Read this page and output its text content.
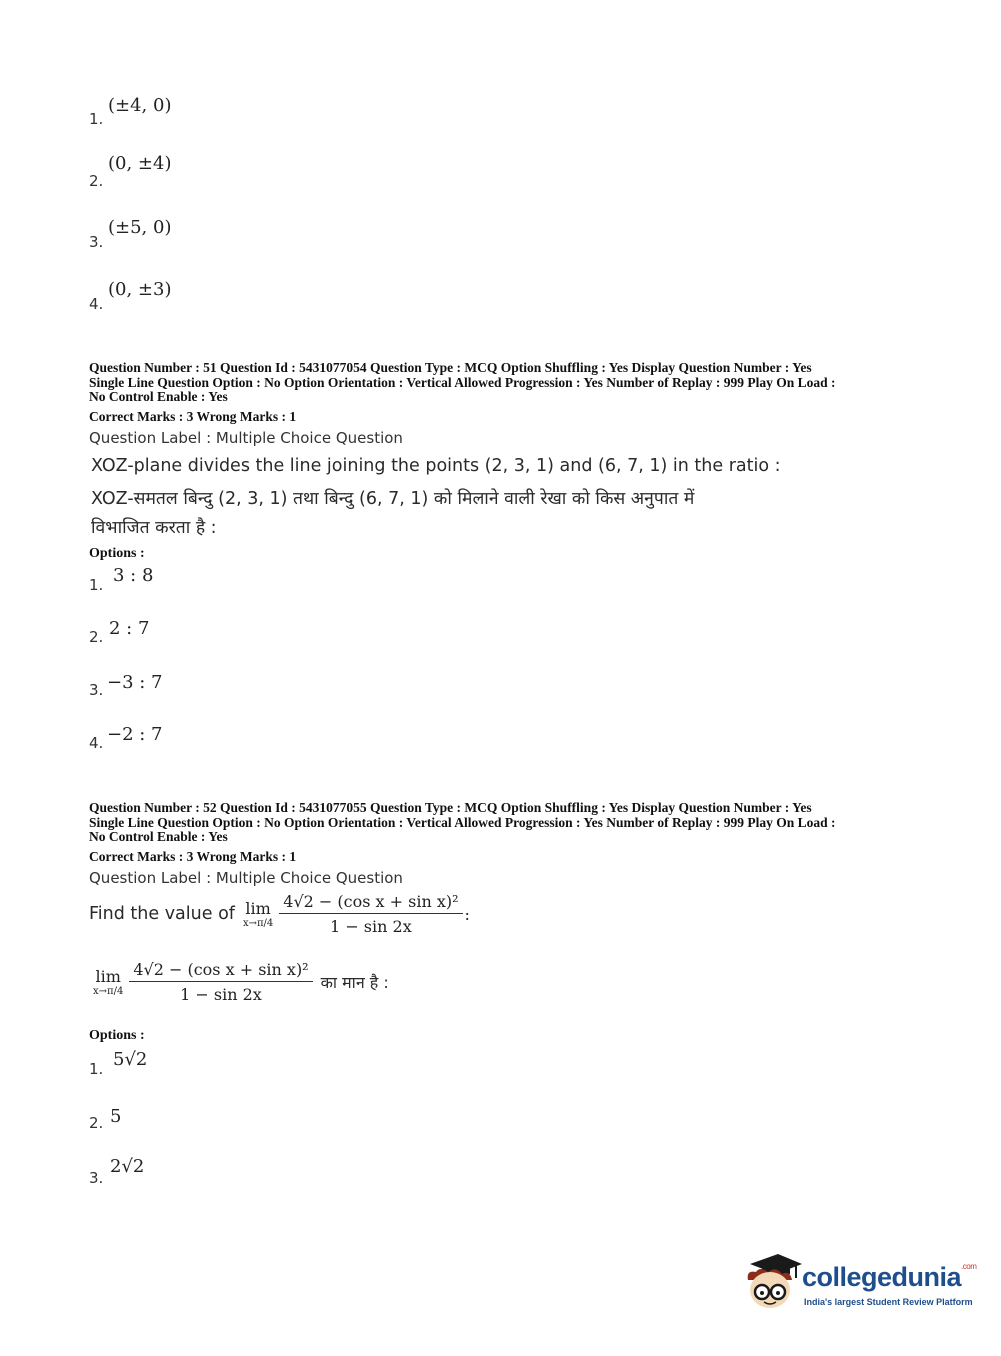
1.
(±4, 0)
2.
(0, ±4)
3.
(±5, 0)
4.
(0, ±3)
Question Number : 51 Question Id : 5431077054 Question Type : MCQ Option Shuffling : Yes Display Question Number : Yes
Single Line Question Option : No Option Orientation : Vertical Allowed Progression : Yes Number of Replay : 999 Play On Load :
No Control Enable : Yes
Correct Marks : 3 Wrong Marks : 1
Question Label : Multiple Choice Question
XOZ-plane divides the line joining the points (2, 3, 1) and (6, 7, 1) in the ratio :
XOZ-समतल बिन्दु (2, 3, 1) तथा बिन्दु (6, 7, 1) को मिलाने वाली रेखा को किस अनुपात में
विभाजित करता है :
Options :
1. 3 : 8
2. 2 : 7
3. −3 : 7
4. −2 : 7
Question Number : 52 Question Id : 5431077055 Question Type : MCQ Option Shuffling : Yes Display Question Number : Yes
Single Line Question Option : No Option Orientation : Vertical Allowed Progression : Yes Number of Replay : 999 Play On Load :
No Control Enable : Yes
Correct Marks : 3 Wrong Marks : 1
Question Label : Multiple Choice Question
Find the value of lim
$x\to\pi/4 \frac{\text{4√2 − (cos x + sin x)²}}{1 - \sin 2x}$ :
lim
$x\to\pi/4 \frac{\text{4√2 − (cos x + sin x)²}}{1 - \sin 2x}$ का मान है :
Options :
1. 5√2
2. 5
3.
2√2
collegedunia$^{.com}$
India's largest Student Review Platform
